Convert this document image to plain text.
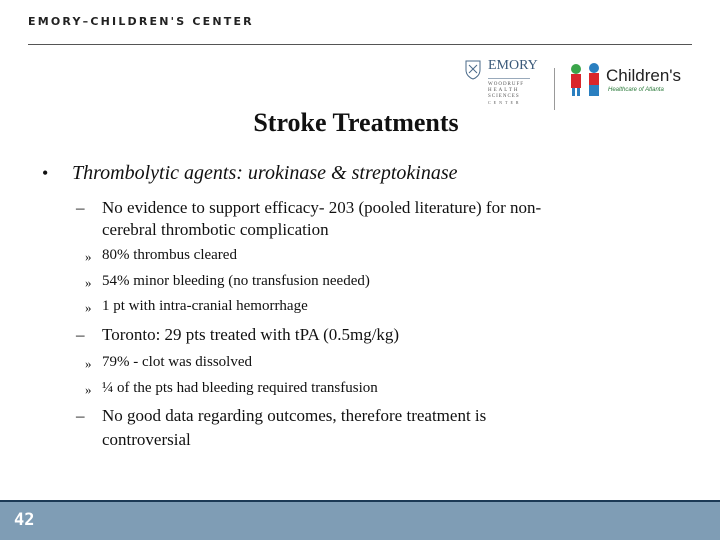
EMORY–CHILDREN'S CENTER
EMORY
WOODRUFF
HEALTH
SCIENCES
CENTER
Children's
Healthcare of Atlanta
Stroke Treatments
• Thrombolytic agents: urokinase & streptokinase
– No evidence to support efficacy- 203 (pooled literature) for non-
cerebral thrombotic complication
» 80% thrombus cleared
» 54% minor bleeding (no transfusion needed)
» 1 pt with intra-cranial hemorrhage
– Toronto: 29 pts treated with tPA (0.5mg/kg)
» 79% - clot was dissolved
» ¼ of the pts had bleeding required transfusion
– No good data regarding outcomes, therefore treatment is
controversial
42
